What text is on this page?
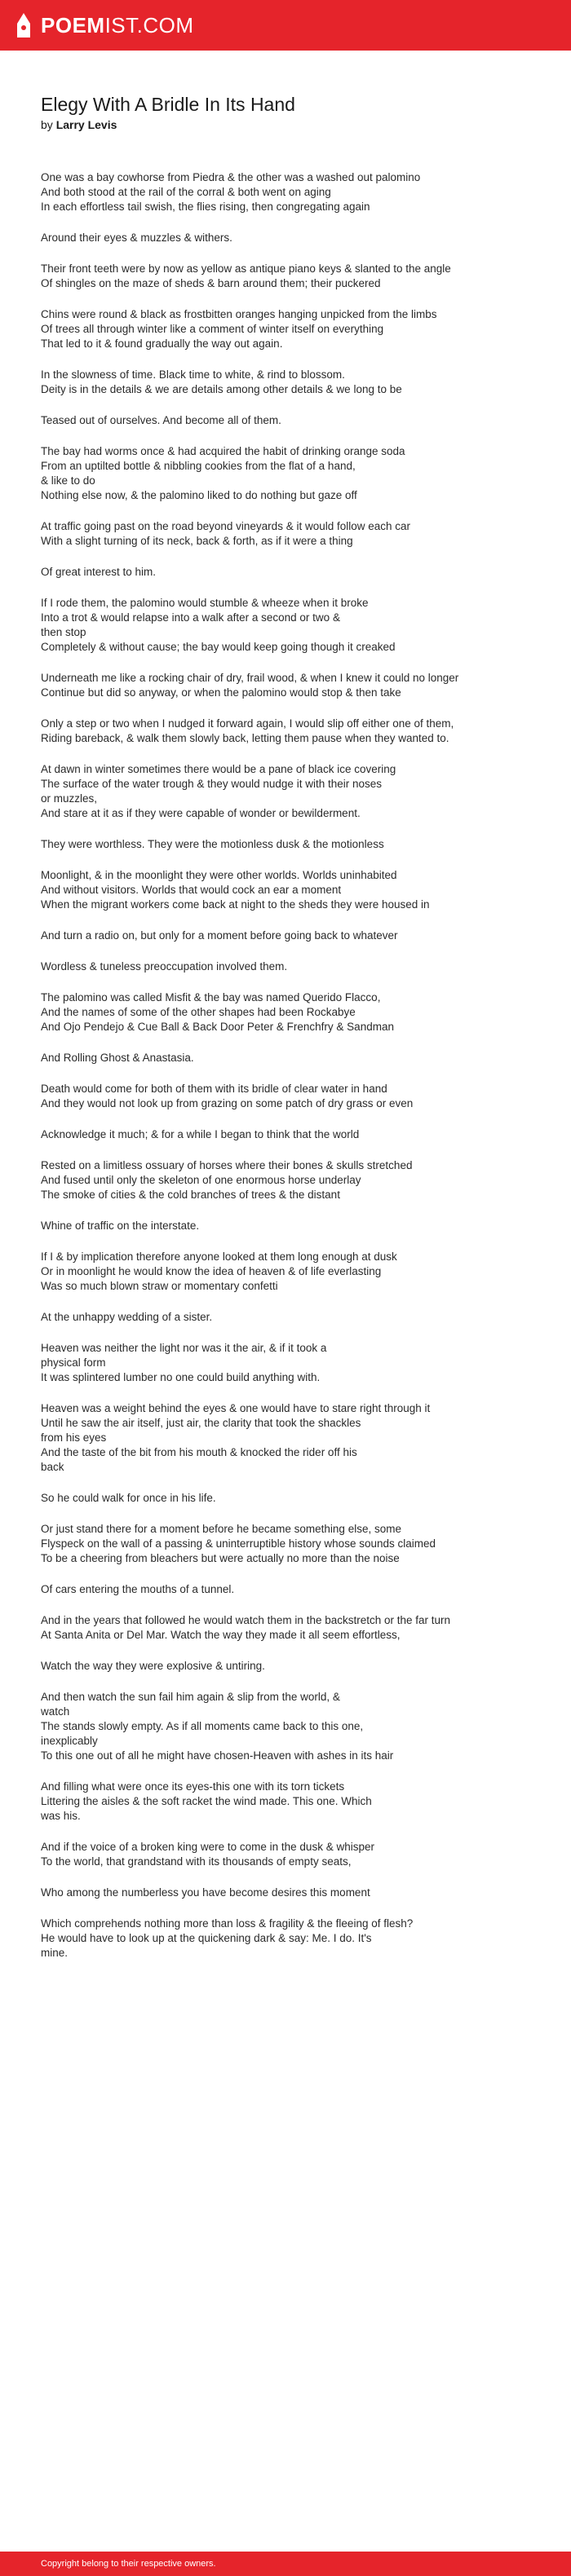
POEMIST.COM
Elegy With A Bridle In Its Hand

by Larry Levis

One was a bay cowhorse from Piedra & the other was a washed out palomino
And both stood at the rail of the corral & both went on aging
In each effortless tail swish, the flies rising, then congregating again

Around their eyes & muzzles & withers.

Their front teeth were by now as yellow as antique piano keys & slanted to the angle
Of shingles on the maze of sheds & barn around them; their puckered

Chins were round & black as frostbitten oranges hanging unpicked from the limbs
Of trees all through winter like a comment of winter itself on everything
That led to it & found gradually the way out again.

In the slowness of time. Black time to white, & rind to blossom.
Deity is in the details & we are details among other details & we long to be

Teased out of ourselves. And become all of them.

The bay had worms once & had acquired the habit of drinking orange soda
From an uptilted bottle & nibbling cookies from the flat of a hand,
& like to do
Nothing else now, & the palomino liked to do nothing but gaze off

At traffic going past on the road beyond vineyards & it would follow each car
With a slight turning of its neck, back & forth, as if it were a thing

Of great interest to him.

If I rode them, the palomino would stumble & wheeze when it broke
Into a trot & would relapse into a walk after a second or two &
then stop
Completely & without cause; the bay would keep going though it creaked

Underneath me like a rocking chair of dry, frail wood, & when I knew it could no longer
Continue but did so anyway, or when the palomino would stop & then take

Only a step or two when I nudged it forward again, I would slip off either one of them,
Riding bareback, & walk them slowly back, letting them pause when they wanted to.

At dawn in winter sometimes there would be a pane of black ice covering
The surface of the water trough & they would nudge it with their noses
or muzzles,
And stare at it as if they were capable of wonder or bewilderment.

They were worthless. They were the motionless dusk & the motionless

Moonlight, & in the moonlight they were other worlds. Worlds uninhabited
And without visitors. Worlds that would cock an ear a moment
When the migrant workers come back at night to the sheds they were housed in

And turn a radio on, but only for a moment before going back to whatever

Wordless & tuneless preoccupation involved them.

The palomino was called Misfit & the bay was named Querido Flacco,
And the names of some of the other shapes had been Rockabye
And Ojo Pendejo & Cue Ball & Back Door Peter & Frenchfry & Sandman

And Rolling Ghost & Anastasia.

Death would come for both of them with its bridle of clear water in hand
And they would not look up from grazing on some patch of dry grass or even

Acknowledge it much; & for a while I began to think that the world

Rested on a limitless ossuary of horses where their bones & skulls stretched
And fused until only the skeleton of one enormous horse underlay
The smoke of cities & the cold branches of trees & the distant

Whine of traffic on the interstate.

If I & by implication therefore anyone looked at them long enough at dusk
Or in moonlight he would know the idea of heaven & of life everlasting
Was so much blown straw or momentary confetti

At the unhappy wedding of a sister.

Heaven was neither the light nor was it the air, & if it took a
physical form
It was splintered lumber no one could build anything with.

Heaven was a weight behind the eyes & one would have to stare right through it
Until he saw the air itself, just air, the clarity that took the shackles
from his eyes
And the taste of the bit from his mouth & knocked the rider off his
back

So he could walk for once in his life.

Or just stand there for a moment before he became something else, some
Flyspeck on the wall of a passing & uninterruptible history whose sounds claimed
To be a cheering from bleachers but were actually no more than the noise

Of cars entering the mouths of a tunnel.

And in the years that followed he would watch them in the backstretch or the far turn
At Santa Anita or Del Mar. Watch the way they made it all seem effortless,

Watch the way they were explosive & untiring.

And then watch the sun fail him again & slip from the world, &
watch
The stands slowly empty. As if all moments came back to this one,
inexplicably
To this one out of all he might have chosen-Heaven with ashes in its hair

And filling what were once its eyes-this one with its torn tickets
Littering the aisles & the soft racket the wind made. This one. Which
was his.

And if the voice of a broken king were to come in the dusk & whisper
To the world, that grandstand with its thousands of empty seats,

Who among the numberless you have become desires this moment

Which comprehends nothing more than loss & fragility & the fleeing of flesh?
He would have to look up at the quickening dark & say: Me. I do. It's
mine.

Copyright belong to their respective owners.
